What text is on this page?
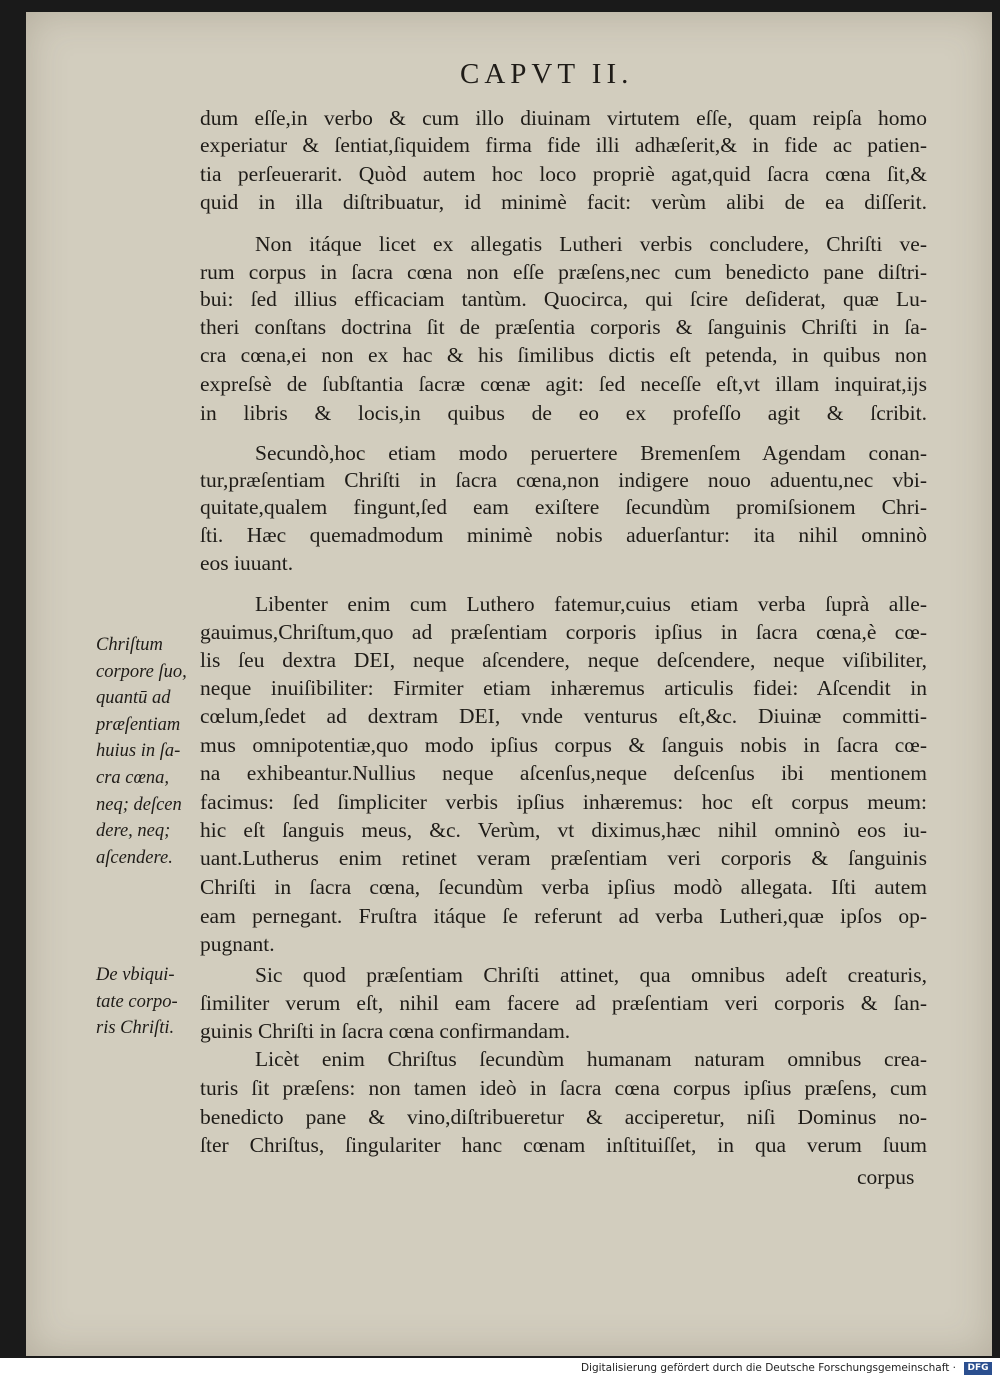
CAPVT II.
dum eſſe,in verbo & cum illo diuinam virtutem eſſe, quam reipſa homo
experiatur & ſentiat,ſiquidem firma fide illi adhæſerit,& in fide ac patien-
tia perſeuerarit. Quòd autem hoc loco propriè agat,quid ſacra cœna ſit,&
quid in illa diſtribuatur, id minimè facit: verùm alibi de ea diſſerit.
Non itáque licet ex allegatis Lutheri verbis concludere, Chriſti ve-
rum corpus in ſacra cœna non eſſe præſens,nec cum benedicto pane diſtri-
bui: ſed illius efficaciam tantùm. Quocirca, qui ſcire deſiderat, quæ Lu-
theri conſtans doctrina ſit de præſentia corporis & ſanguinis Chriſti in ſa-
cra cœna,ei non ex hac & his ſimilibus dictis eſt petenda, in quibus non
expreſsè de ſubſtantia ſacræ cœnæ agit: ſed neceſſe eſt,vt illam inquirat,ijs
in libris & locis,in quibus de eo ex profeſſo agit & ſcribit.
Secundò,hoc etiam modo peruertere Bremenſem Agendam conan-
tur,præſentiam Chriſti in ſacra cœna,non indigere nouo aduentu,nec vbi-
quitate,qualem fingunt,ſed eam exiſtere ſecundùm promiſsionem Chri-
ſti. Hæc quemadmodum minimè nobis aduerſantur: ita nihil omninò
eos iuuant.
Libenter enim cum Luthero fatemur,cuius etiam verba ſuprà alle-
gauimus,Chriſtum,quo ad præſentiam corporis ipſius in ſacra cœna,è cœ-
lis ſeu dextra DEI, neque aſcendere, neque deſcendere, neque viſibiliter,
neque inuiſibiliter: Firmiter etiam inhæremus articulis fidei: Aſcendit in
cœlum,ſedet ad dextram DEI, vnde venturus eſt,&c. Diuinæ committi-
mus omnipotentiæ,quo modo ipſius corpus & ſanguis nobis in ſacra cœ-
na exhibeantur.Nullius neque aſcenſus,neque deſcenſus ibi mentionem
facimus: ſed ſimpliciter verbis ipſius inhæremus: hoc eſt corpus meum:
hic eſt ſanguis meus, &c. Verùm, vt diximus,hæc nihil omninò eos iu-
uant.Lutherus enim retinet veram præſentiam veri corporis & ſanguinis
Chriſti in ſacra cœna, ſecundùm verba ipſius modò allegata. Iſti autem
eam pernegant. Fruſtra itáque ſe referunt ad verba Lutheri,quæ ipſos op-
pugnant.
Sic quod præſentiam Chriſti attinet, qua omnibus adeſt creaturis,
ſimiliter verum eſt, nihil eam facere ad præſentiam veri corporis & ſan-
guinis Chriſti in ſacra cœna confirmandam.
Licèt enim Chriſtus ſecundùm humanam naturam omnibus crea-
turis ſit præſens: non tamen ideò in ſacra cœna corpus ipſius præſens, cum
benedicto pane & vino,diſtribueretur & acciperetur, niſi Dominus no-
ſter Chriſtus, ſingulariter hanc cœnam inſtituiſſet, in qua verum ſuum
corpus
Chriſtum
corpore ſuo,
quantū ad
præſentiam
huius in ſa-
cra cœna,
neq; deſcen
dere, neq;
aſcendere.
De vbiqui-
tate corpo-
ris Chriſti.
Digitalisierung gefördert durch die Deutsche Forschungsgemeinschaft ·	DFG
